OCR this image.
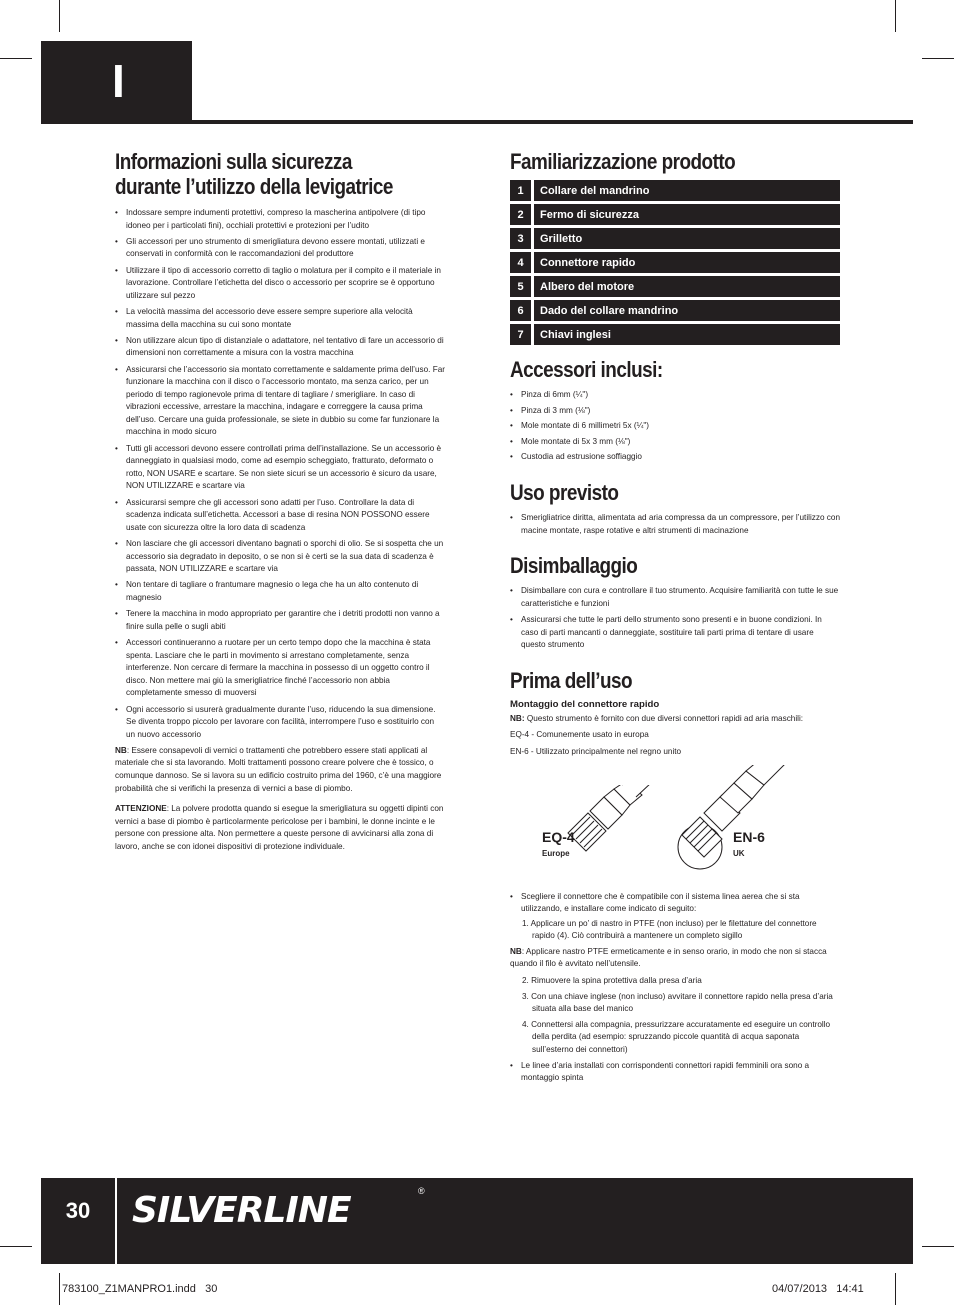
I
Informazioni sulla sicurezza
durante l’utilizzo della levigatrice
• Indossare sempre indumenti protettivi, compreso la mascherina antipolvere (di tipo idoneo per i particolati fini), occhiali protettivi e protezioni per l’udito
• Gli accessori per uno strumento di smerigliatura devono essere montati, utilizzati e conservati in conformità con le raccomandazioni del produttore
• Utilizzare il tipo di accessorio corretto di taglio o molatura per il compito e il materiale in lavorazione. Controllare l’etichetta del disco o accessorio per scoprire se è opportuno utilizzare sul pezzo
• La velocità massima del accessorio deve essere sempre superiore alla velocità massima della macchina su cui sono montate
• Non utilizzare alcun tipo di distanziale o adattatore, nel tentativo di fare un accessorio di dimensioni non correttamente a misura con la vostra macchina
• Assicurarsi che l’accessorio sia montato correttamente e saldamente prima dell’uso. Far funzionare la macchina con il disco o l’accessorio montato, ma senza carico, per un periodo di tempo ragionevole prima di tentare di tagliare / smerigliare. In caso di vibrazioni eccessive, arrestare la macchina, indagare e correggere la causa prima dell’uso. Cercare una guida professionale, se siete in dubbio su come far funzionare la macchina in modo sicuro
• Tutti gli accessori devono essere controllati prima dell’installazione. Se un accessorio è danneggiato in qualsiasi modo, come ad esempio scheggiato, fratturato, deformato o rotto, NON USARE e scartare. Se non siete sicuri se un accessorio è sicuro da usare, NON UTILIZZARE e scartare via
• Assicurarsi sempre che gli accessori sono adatti per l’uso. Controllare la data di scadenza indicata sull’etichetta. Accessori a base di resina NON POSSONO essere usate con sicurezza oltre la loro data di scadenza
• Non lasciare che gli accessori diventano bagnati o sporchi di olio. Se si sospetta che un accessorio sia degradato in deposito, o se non si è certi se la sua data di scadenza è passata, NON UTILIZZARE e scartare via
• Non tentare di tagliare o frantumare magnesio o lega che ha un alto contenuto di magnesio
• Tenere la macchina in modo appropriato per garantire che i detriti prodotti non vanno a finire sulla pelle o sugli abiti
• Accessori continueranno a ruotare per un certo tempo dopo che la macchina è stata spenta. Lasciare che le parti in movimento si arrestano completamente, senza interferenze. Non cercare di fermare la macchina in possesso di un oggetto contro il disco. Non mettere mai giù la smerigliatrice finché l’accessorio non abbia completamente smesso di muoversi
• Ogni accessorio si usurerà gradualmente durante l’uso, riducendo la sua dimensione. Se diventa troppo piccolo per lavorare con facilità, interrompere l’uso e sostituirlo con un nuovo accessorio

NB: Essere consapevoli di vernici o trattamenti che potrebbero essere stati applicati al materiale che si sta lavorando. Molti trattamenti possono creare polvere che è tossico, o comunque dannoso. Se si lavora su un edificio costruito prima del 1960, c’è una maggiore probabilità che si verifichi la presenza di vernici a base di piombo.

ATTENZIONE: La polvere prodotta quando si esegue la smerigliatura su oggetti dipinti con vernici a base di piombo è particolarmente pericolose per i bambini, le donne incinte e le persone con pressione alta. Non permettere a queste persone di avvicinarsi alla zona di lavoro, anche se con idonei dispositivi di protezione individuale.

Familiarizzazione prodotto
1	Collare del mandrino
2	Fermo di sicurezza
3	Grilletto
4	Connettore rapido
5	Albero del motore
6	Dado del collare mandrino
7	Chiavi inglesi
Accessori inclusi:
• Pinza di 6mm (¼")
• Pinza di 3 mm (⅛")
• Mole montate di 6 millimetri 5x (¼")
• Mole montate di 5x 3 mm (⅛")
• Custodia ad estrusione soffiaggio
Uso previsto
• Smerigliatrice diritta, alimentata ad aria compressa da un compressore, per l’utilizzo con macine montate, raspe rotative e altri strumenti di macinazione
Disimballaggio
• Disimballare con cura e controllare il tuo strumento. Acquisire familiarità con tutte le sue caratteristiche e funzioni
• Assicurarsi che tutte le parti dello strumento sono presenti e in buone condizioni. In caso di parti mancanti o danneggiate, sostituire tali parti prima di tentare di usare questo strumento
Prima dell’uso
Montaggio del connettore rapido

NB: Questo strumento è fornito con due diversi connettori rapidi ad aria maschili:

EQ-4 - Comunemente usato in europa

EN-6 - Utilizzato principalmente nel regno unito

EQ-4
Europe
EN-6
UK
• Scegliere il connettore che è compatibile con il sistema linea aerea che si sta utilizzando, e installare come indicato di seguito:
1. Applicare un po’ di nastro in PTFE (non incluso) per le filettature del connettore rapido (4). Ciò contribuirà a mantenere un completo sigillo

NB: Applicare nastro PTFE ermeticamente e in senso orario, in modo che non si stacca quando il filo è avvitato nell’utensile.

2. Rimuovere la spina protettiva dalla presa d’aria
3. Con una chiave inglese (non incluso) avvitare il connettore rapido nella presa d’aria situata alla base del manico
4. Connettersi alla compagnia, pressurizzare accuratamente ed eseguire un controllo della perdita (ad esempio: spruzzando piccole quantità di acqua saponata sull’esterno dei connettori)
• Le linee d’aria installati con corrispondenti connettori rapidi femminili ora sono a montaggio spinta
30	SILVERLINE	®
783100_Z1MANPRO1.indd   30	04/07/2013   14:41
